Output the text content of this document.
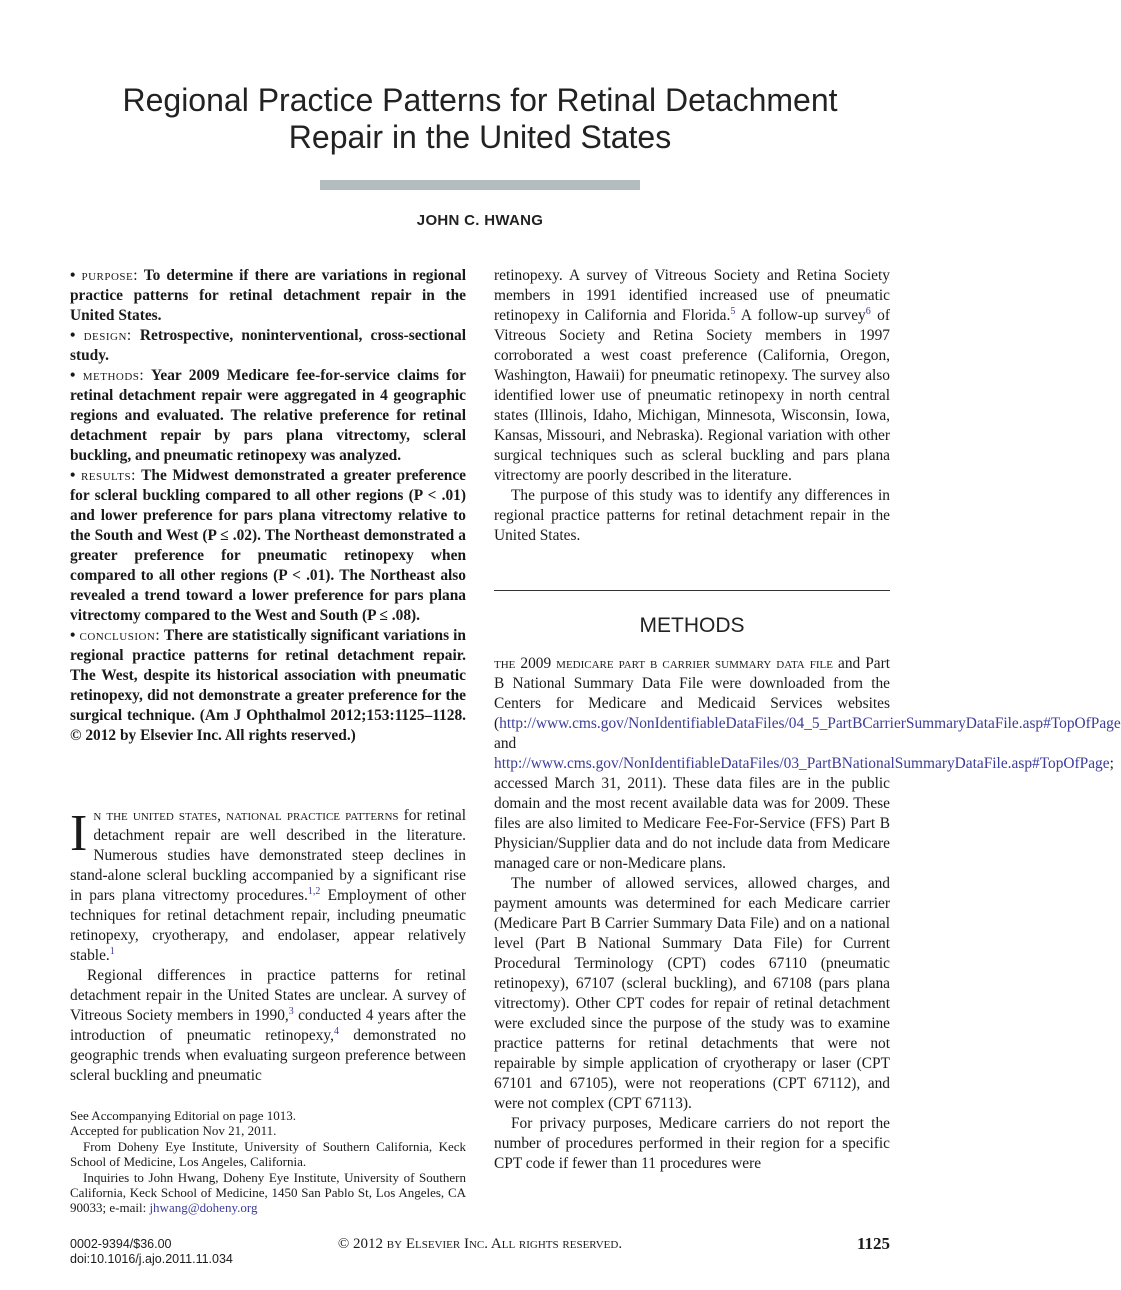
Regional Practice Patterns for Retinal Detachment
Repair in the United States
JOHN C. HWANG

• purpose: To determine if there are variations in regional practice patterns for retinal detachment repair in the United States.

• design: Retrospective, noninterventional, cross-sectional study.

• methods: Year 2009 Medicare fee-for-service claims for retinal detachment repair were aggregated in 4 geographic regions and evaluated. The relative preference for retinal detachment repair by pars plana vitrectomy, scleral buckling, and pneumatic retinopexy was analyzed.

• results: The Midwest demonstrated a greater preference for scleral buckling compared to all other regions (P < .01) and lower preference for pars plana vitrectomy relative to the South and West (P ≤ .02). The Northeast demonstrated a greater preference for pneumatic retinopexy when compared to all other regions (P < .01). The Northeast also revealed a trend toward a lower preference for pars plana vitrectomy compared to the West and South (P ≤ .08).

• conclusion: There are statistically significant variations in regional practice patterns for retinal detachment repair. The West, despite its historical association with pneumatic retinopexy, did not demonstrate a greater preference for the surgical technique. (Am J Ophthalmol 2012;153:1125–1128. © 2012 by Elsevier Inc. All rights reserved.)

In the united states, national practice patterns for retinal detachment repair are well described in the literature. Numerous studies have demonstrated steep declines in stand-alone scleral buckling accompanied by a significant rise in pars plana vitrectomy procedures.$^{1,2}$ Employment of other techniques for retinal detachment repair, including pneumatic retinopexy, cryotherapy, and endolaser, appear relatively stable.$^1$

Regional differences in practice patterns for retinal detachment repair in the United States are unclear. A survey of Vitreous Society members in 1990,$^3$ conducted 4 years after the introduction of pneumatic retinopexy,$^4$ demonstrated no geographic trends when evaluating surgeon preference between scleral buckling and pneumatic

See Accompanying Editorial on page 1013.

Accepted for publication Nov 21, 2011.

From Doheny Eye Institute, University of Southern California, Keck School of Medicine, Los Angeles, California.

Inquiries to John Hwang, Doheny Eye Institute, University of Southern California, Keck School of Medicine, 1450 San Pablo St, Los Angeles, CA 90033; e-mail: jhwang@doheny.org

retinopexy. A survey of Vitreous Society and Retina Society members in 1991 identified increased use of pneumatic retinopexy in California and Florida.$^5$ A follow-up survey$^6$ of Vitreous Society and Retina Society members in 1997 corroborated a west coast preference (California, Oregon, Washington, Hawaii) for pneumatic retinopexy. The survey also identified lower use of pneumatic retinopexy in north central states (Illinois, Idaho, Michigan, Minnesota, Wisconsin, Iowa, Kansas, Missouri, and Nebraska). Regional variation with other surgical techniques such as scleral buckling and pars plana vitrectomy are poorly described in the literature.

The purpose of this study was to identify any differences in regional practice patterns for retinal detachment repair in the United States.

METHODS

the 2009 medicare part b carrier summary data file and Part B National Summary Data File were downloaded from the Centers for Medicare and Medicaid Services websites (http://www.cms.gov/NonIdentifiableDataFiles/04_5_PartBCarrierSummaryDataFile.asp#TopOfPage and http://www.cms.gov/NonIdentifiableDataFiles/03_PartBNationalSummaryDataFile.asp#TopOfPage; accessed March 31, 2011). These data files are in the public domain and the most recent available data was for 2009. These files are also limited to Medicare Fee-For-Service (FFS) Part B Physician/Supplier data and do not include data from Medicare managed care or non-Medicare plans.

The number of allowed services, allowed charges, and payment amounts was determined for each Medicare carrier (Medicare Part B Carrier Summary Data File) and on a national level (Part B National Summary Data File) for Current Procedural Terminology (CPT) codes 67110 (pneumatic retinopexy), 67107 (scleral buckling), and 67108 (pars plana vitrectomy). Other CPT codes for repair of retinal detachment were excluded since the purpose of the study was to examine practice patterns for retinal detachments that were not repairable by simple application of cryotherapy or laser (CPT 67101 and 67105), were not reoperations (CPT 67112), and were not complex (CPT 67113).

For privacy purposes, Medicare carriers do not report the number of procedures performed in their region for a specific CPT code if fewer than 11 procedures were

0002-9394/$36.00
doi:10.1016/j.ajo.2011.11.034
© 2012 by Elsevier Inc. All rights reserved.	1125
